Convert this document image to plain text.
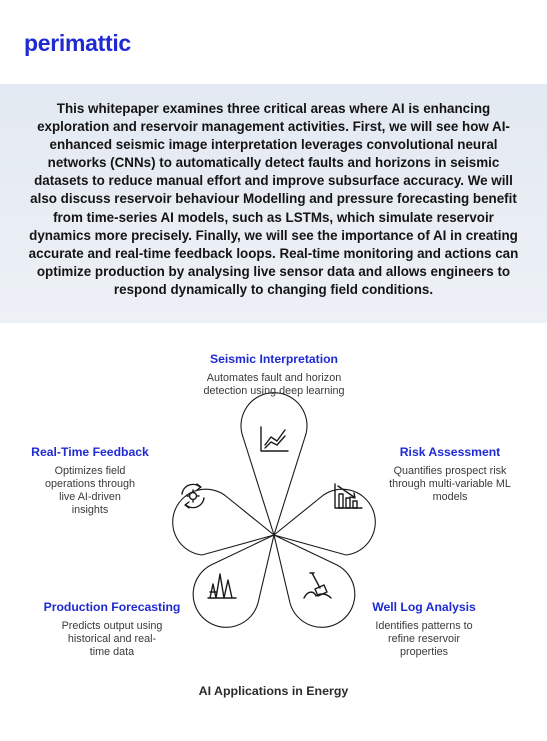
perimattic

This whitepaper examines three critical areas where AI is enhancing exploration and reservoir management activities. First, we will see how AI-enhanced seismic image interpretation leverages convolutional neural networks (CNNs) to automatically detect faults and horizons in seismic datasets to reduce manual effort and improve subsurface accuracy. We will also discuss reservoir behaviour Modelling and pressure forecasting benefit from time-series AI models, such as LSTMs, which simulate reservoir dynamics more precisely. Finally, we will see the importance of AI in creating accurate and real-time feedback loops. Real-time monitoring and actions can optimize production by analysing live sensor data and allows engineers to respond dynamically to changing field conditions.

Seismic Interpretation
Automates fault and horizon detection using deep learning
Risk Assessment
Quantifies prospect risk through multi-variable ML models
Well Log Analysis
Identifies patterns to refine reservoir properties
Production Forecasting
Predicts output using historical and real-time data
Real-Time Feedback
Optimizes field operations through live AI-driven insights
AI Applications in Energy
